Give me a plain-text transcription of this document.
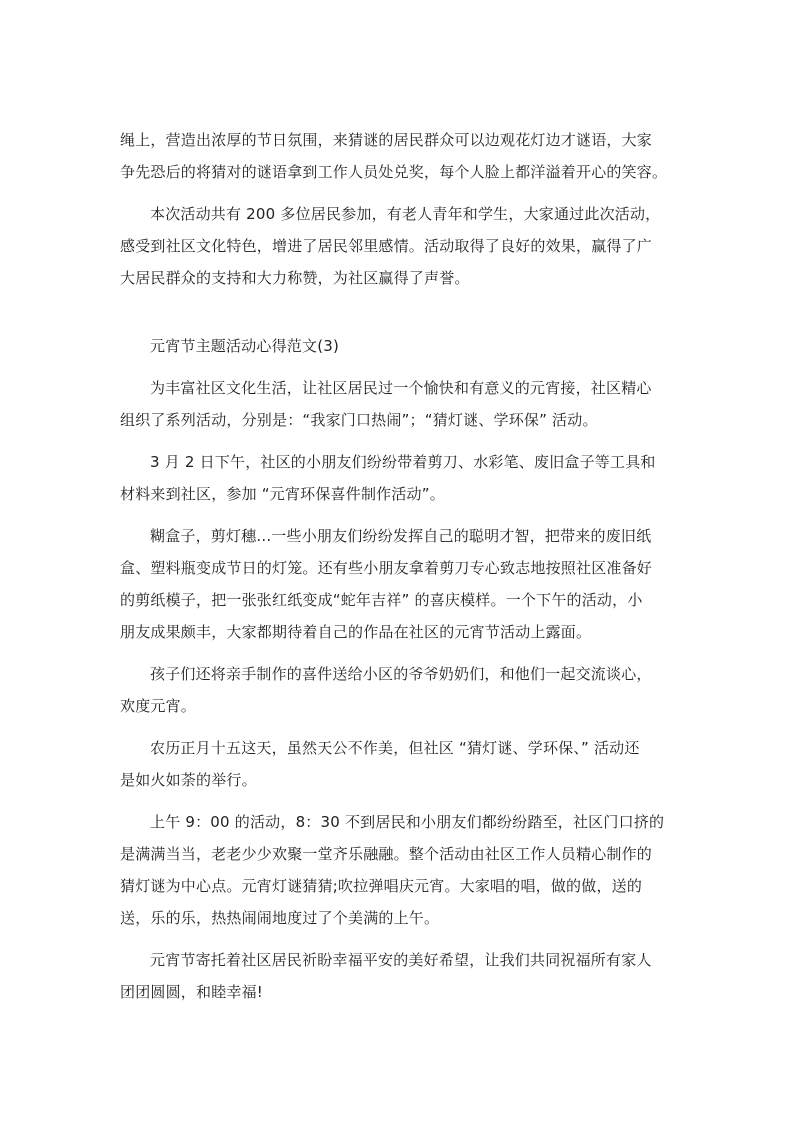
绳上，营造出浓厚的节日氛围，来猜谜的居民群众可以边观花灯边才谜语，大家

争先恐后的将猜对的谜语拿到工作人员处兑奖，每个人脸上都洋溢着开心的笑容。

本次活动共有 200 多位居民参加，有老人青年和学生，大家通过此次活动，

感受到社区文化特色，增进了居民邻里感情。活动取得了良好的效果，赢得了广

大居民群众的支持和大力称赞，为社区赢得了声誉。

元宵节主题活动心得范文(3)

为丰富社区文化生活，让社区居民过一个愉快和有意义的元宵接，社区精心

组织了系列活动，分别是：“我家门口热闹”；“猜灯谜、学环保” 活动。

3 月 2 日下午，社区的小朋友们纷纷带着剪刀、水彩笔、废旧盒子等工具和

材料来到社区，参加 “元宵环保喜件制作活动”。

糊盒子，剪灯穗...一些小朋友们纷纷发挥自己的聪明才智，把带来的废旧纸

盒、塑料瓶变成节日的灯笼。还有些小朋友拿着剪刀专心致志地按照社区准备好

的剪纸模子，把一张张红纸变成“蛇年吉祥” 的喜庆模样。一个下午的活动，小

朋友成果颇丰，大家都期待着自己的作品在社区的元宵节活动上露面。

孩子们还将亲手制作的喜件送给小区的爷爷奶奶们，和他们一起交流谈心，

欢度元宵。

农历正月十五这天，虽然天公不作美，但社区 “猜灯谜、学环保、” 活动还

是如火如荼的举行。

上午 9：00 的活动，8：30 不到居民和小朋友们都纷纷踏至，社区门口挤的

是满满当当，老老少少欢聚一堂齐乐融融。整个活动由社区工作人员精心制作的

猜灯谜为中心点。元宵灯谜猜猜;吹拉弹唱庆元宵。大家唱的唱，做的做，送的

送，乐的乐，热热闹闹地度过了个美满的上午。

元宵节寄托着社区居民祈盼幸福平安的美好希望，让我们共同祝福所有家人

团团圆圆，和睦幸福!
